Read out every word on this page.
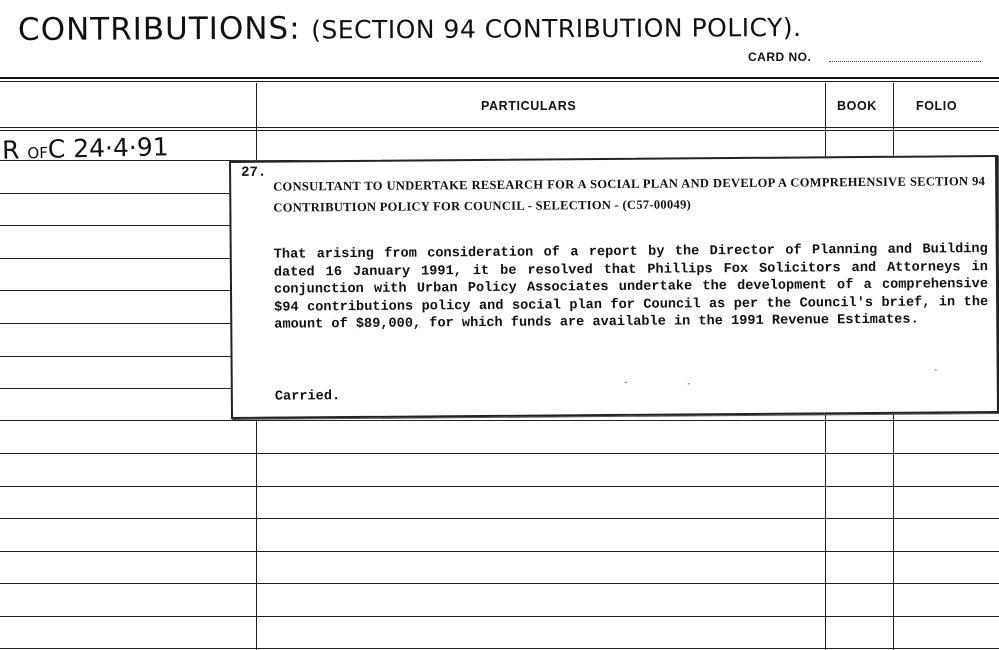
CONTRIBUTIONS: (SECTION 94 CONTRIBUTION POLICY).
CARD NO.
PARTICULARS	BOOK	FOLIO
R OFC 24·4·91
27.
CONSULTANT TO UNDERTAKE RESEARCH FOR A SOCIAL PLAN AND DEVELOP A COMPREHENSIVE SECTION 94 CONTRIBUTION POLICY FOR COUNCIL - SELECTION - (C57-00049)
That arising from consideration of a report by the Director of Planning and Building dated 16 January 1991, it be resolved that Phillips Fox Solicitors and Attorneys in conjunction with Urban Policy Associates undertake the development of a comprehensive $94 contributions policy and social plan for Council as per the Council's brief, in the amount of $89,000, for which funds are available in the 1991 Revenue Estimates.
Carried.
